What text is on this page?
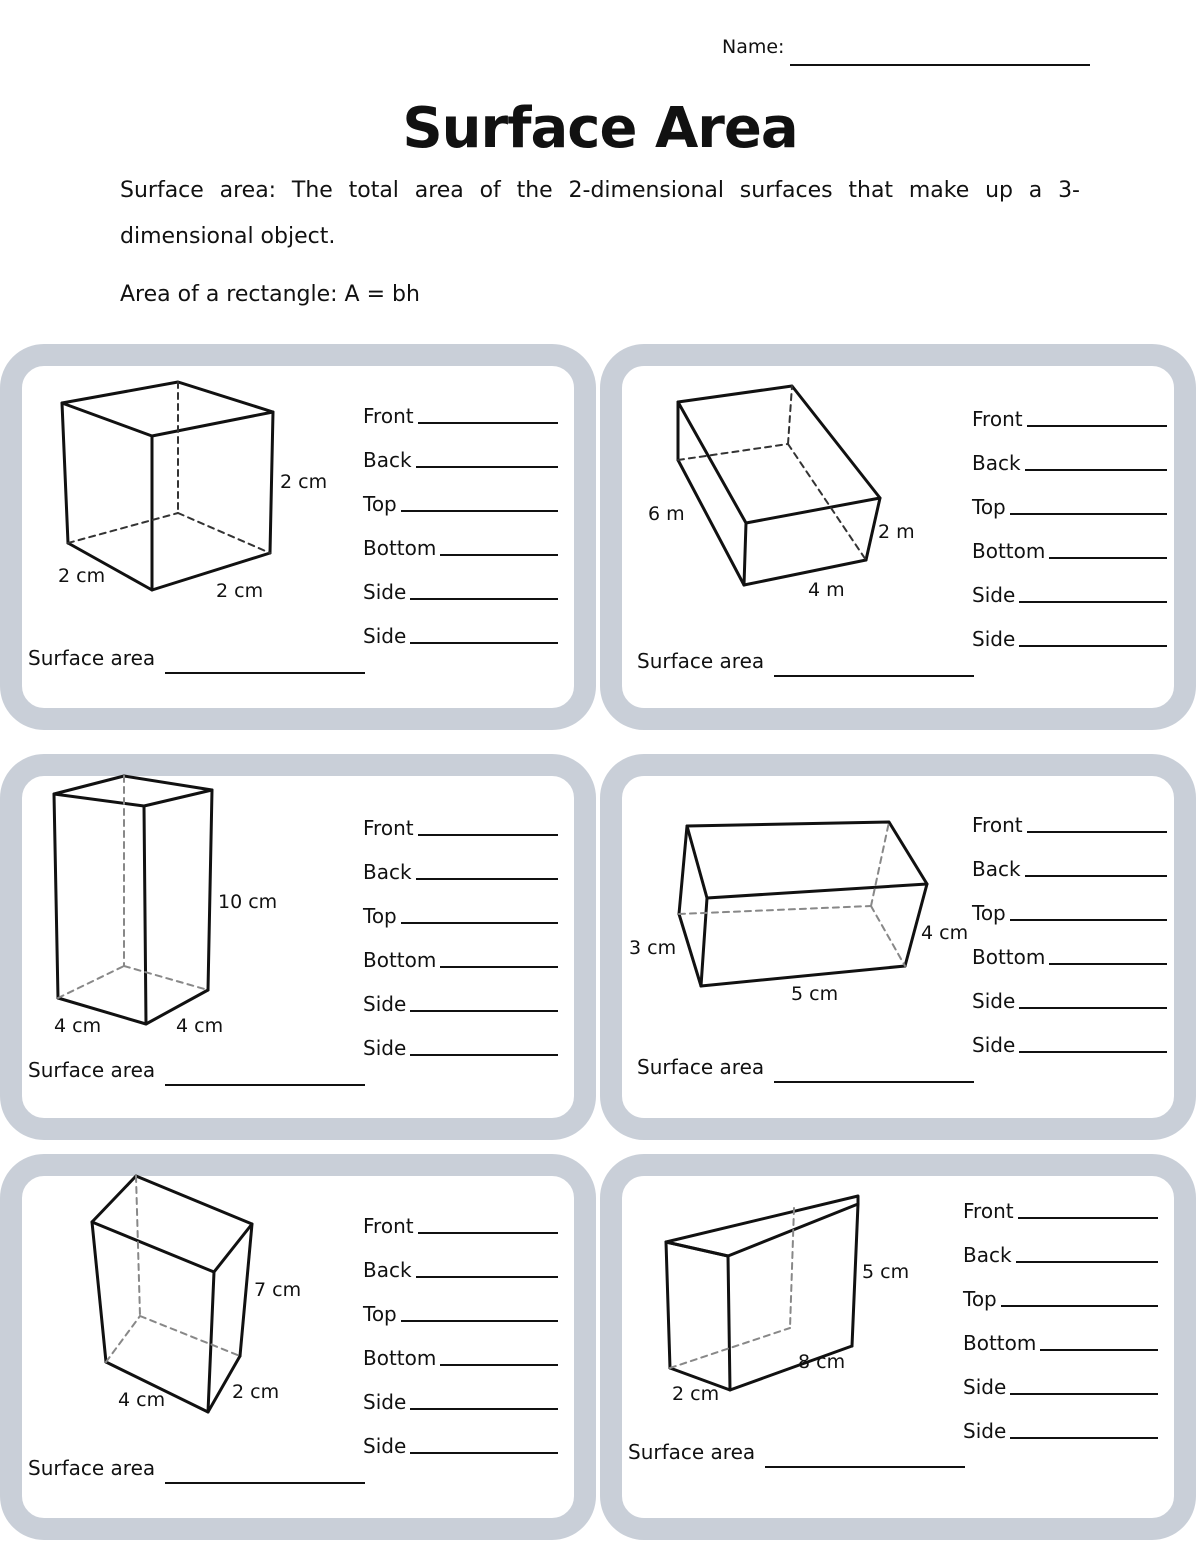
Name:
Surface Area
Surface area: The total area of the 2-dimensional surfaces that make up a 3-dimensional object.
Area of a rectangle: A = bh
2 cm
2 cm
2 cm
Front
Back
Top
Bottom
Side
Side
Surface area
6 m
4 m
2 m
Front
Back
Top
Bottom
Side
Side
Surface area
10 cm
4 cm	4 cm
Front
Back
Top
Bottom
Side
Side
Surface area
3 cm
5 cm
4 cm
Front
Back
Top
Bottom
Side
Side
Surface area
7 cm
4 cm	2 cm
Front
Back
Top
Bottom
Side
Side
Surface area
5 cm
8 cm
2 cm
Front
Back
Top
Bottom
Side
Side
Surface area
